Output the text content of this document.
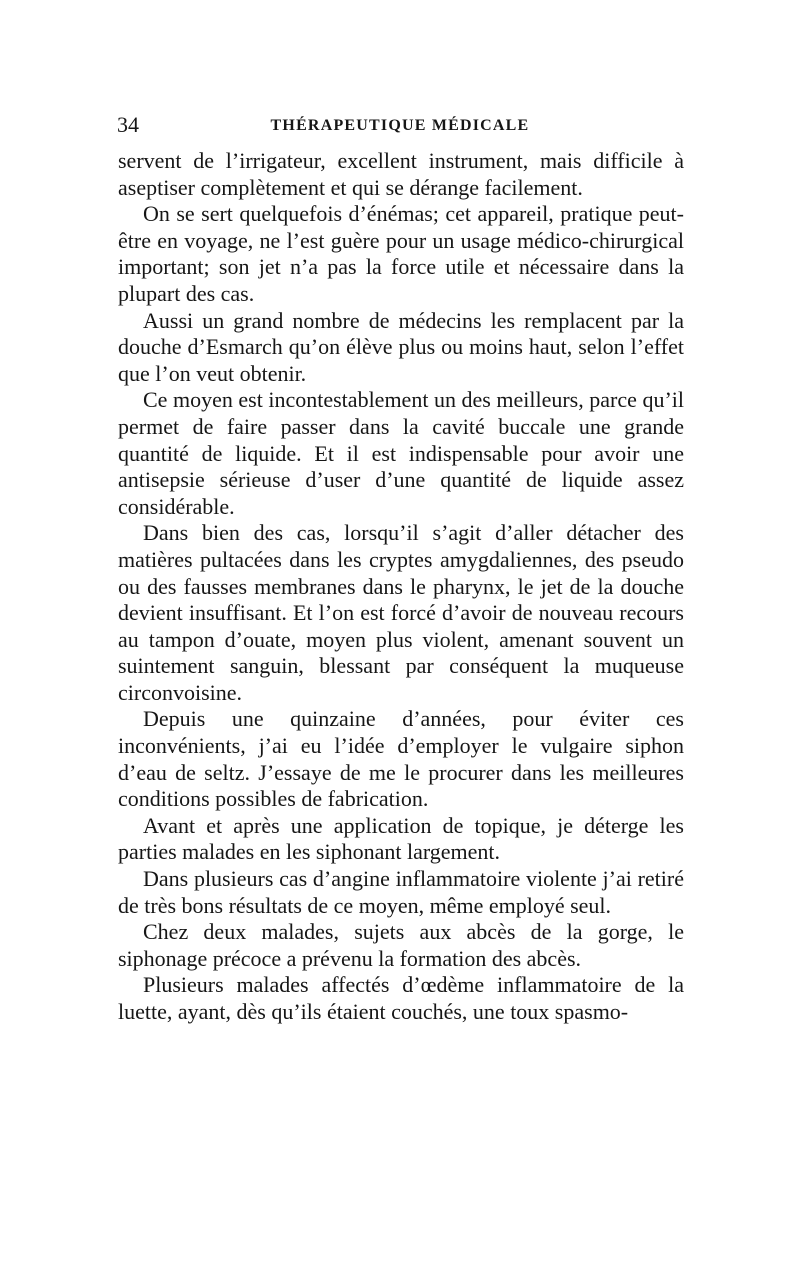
34	THÉRAPEUTIQUE MÉDICALE

servent de l’irrigateur, excellent instrument, mais difficile à aseptiser complètement et qui se dérange facilement.

On se sert quelquefois d’énémas; cet appareil, pratique peut-être en voyage, ne l’est guère pour un usage médico-chirurgical important; son jet n’a pas la force utile et nécessaire dans la plupart des cas.

Aussi un grand nombre de médecins les remplacent par la douche d’Esmarch qu’on élève plus ou moins haut, selon l’effet que l’on veut obtenir.

Ce moyen est incontestablement un des meilleurs, parce qu’il permet de faire passer dans la cavité buccale une grande quantité de liquide. Et il est indispensable pour avoir une antisepsie sérieuse d’user d’une quantité de liquide assez considérable.

Dans bien des cas, lorsqu’il s’agit d’aller détacher des matières pultacées dans les cryptes amygdaliennes, des pseudo ou des fausses membranes dans le pharynx, le jet de la douche devient insuffisant. Et l’on est forcé d’avoir de nouveau recours au tampon d’ouate, moyen plus violent, amenant souvent un suintement sanguin, blessant par conséquent la muqueuse circonvoisine.

Depuis une quinzaine d’années, pour éviter ces inconvénients, j’ai eu l’idée d’employer le vulgaire siphon d’eau de seltz. J’essaye de me le procurer dans les meilleures conditions possibles de fabrication.

Avant et après une application de topique, je déterge les parties malades en les siphonant largement.

Dans plusieurs cas d’angine inflammatoire violente j’ai retiré de très bons résultats de ce moyen, même employé seul.

Chez deux malades, sujets aux abcès de la gorge, le siphonage précoce a prévenu la formation des abcès.

Plusieurs malades affectés d’œdème inflammatoire de la luette, ayant, dès qu’ils étaient couchés, une toux spasmo-
